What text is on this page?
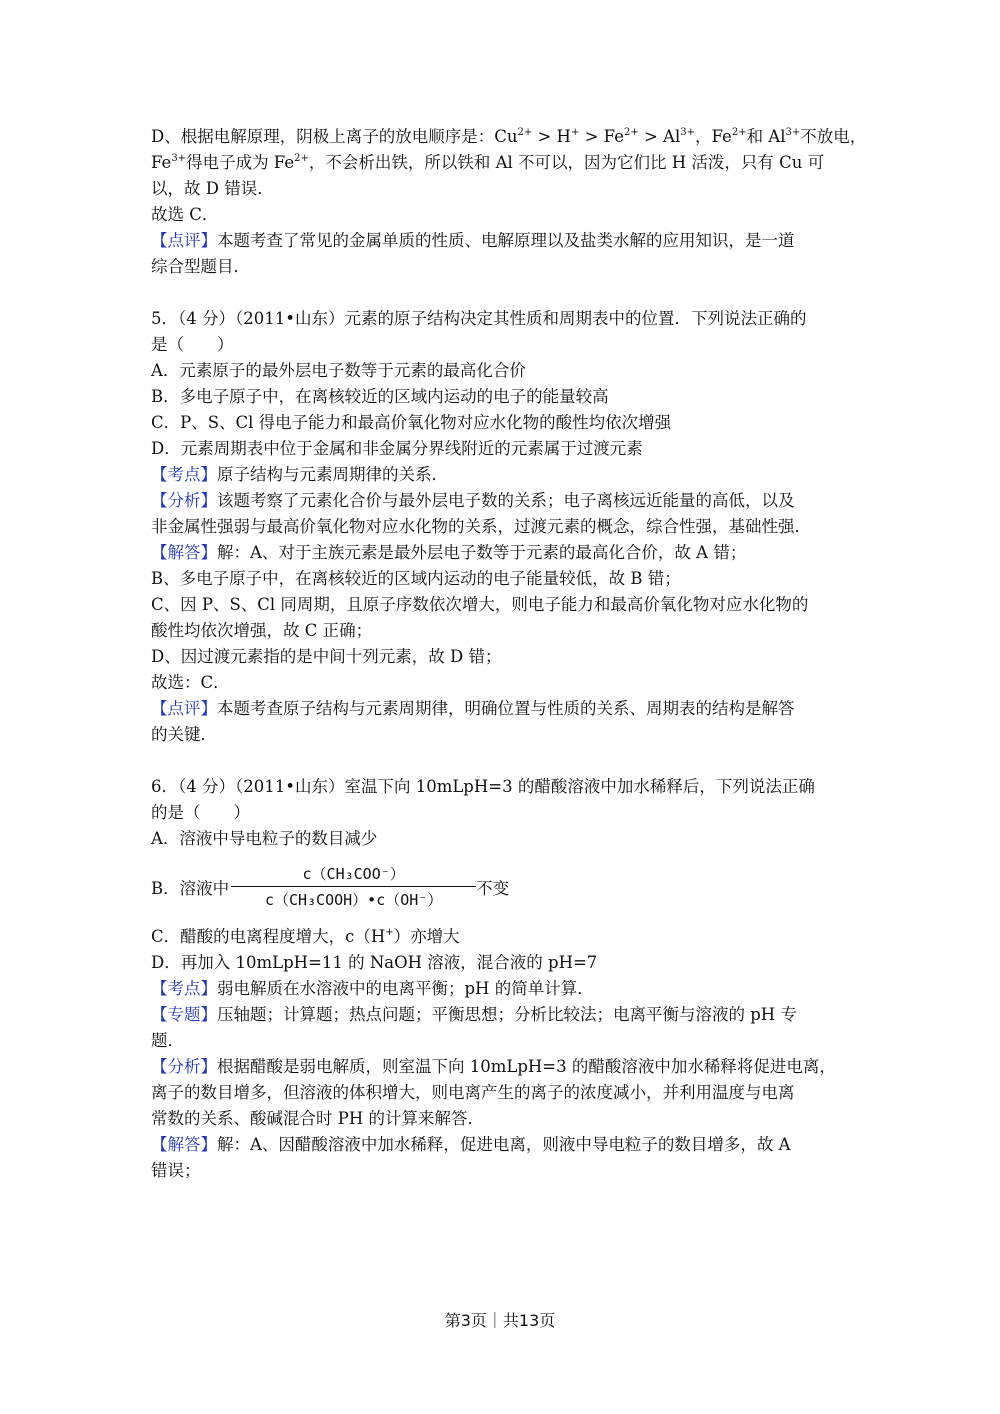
D、根据电解原理，阴极上离子的放电顺序是：$Cu^{2+} > H^+ > Fe^{2+} > Al^{3+}$，$Fe^{2+}$和 $Al^{3+}$不放电，
$Fe^{3+}$得电子成为 $Fe^{2+}$，不会析出铁，所以铁和 Al 不可以，因为它们比 H 活泼，只有 Cu 可
以，故 D 错误．
故选 C．
【点评】本题考查了常见的金属单质的性质、电解原理以及盐类水解的应用知识，是一道
综合型题目．
5．（4 分）（2011•山东）元素的原子结构决定其性质和周期表中的位置．下列说法正确的
是（　　）
A．元素原子的最外层电子数等于元素的最高化合价
B．多电子原子中，在离核较近的区域内运动的电子的能量较高
C．P、S、Cl 得电子能力和最高价氧化物对应水化物的酸性均依次增强
D．元素周期表中位于金属和非金属分界线附近的元素属于过渡元素
【考点】原子结构与元素周期律的关系．
【分析】该题考察了元素化合价与最外层电子数的关系；电子离核远近能量的高低，以及
非金属性强弱与最高价氧化物对应水化物的关系，过渡元素的概念，综合性强，基础性强．
【解答】解：A、对于主族元素是最外层电子数等于元素的最高化合价，故 A 错；
B、多电子原子中，在离核较近的区域内运动的电子能量较低，故 B 错；
C、因 P、S、Cl 同周期，且原子序数依次增大，则电子能力和最高价氧化物对应水化物的
酸性均依次增强，故 C 正确；
D、因过渡元素指的是中间十列元素，故 D 错；
故选：C．
【点评】本题考查原子结构与元素周期律，明确位置与性质的关系、周期表的结构是解答
的关键．
6．（4 分）（2011•山东）室温下向 10mLpH=3 的醋酸溶液中加水稀释后，下列说法正确
的是（　　）
A．溶液中导电粒子的数目减少
B．溶液中 $\frac{\text{c（CH₃COO⁻）}}{\text{c（CH₃COOH）•c（OH⁻）}}$ 不变
C．醋酸的电离程度增大，c（H+）亦增大
D．再加入 10mLpH=11 的 NaOH 溶液，混合液的 pH=7
【考点】弱电解质在水溶液中的电离平衡；pH 的简单计算．
【专题】压轴题；计算题；热点问题；平衡思想；分析比较法；电离平衡与溶液的 pH 专
题．
【分析】根据醋酸是弱电解质，则室温下向 10mLpH=3 的醋酸溶液中加水稀释将促进电离，
离子的数目增多，但溶液的体积增大，则电离产生的离子的浓度减小，并利用温度与电离
常数的关系、酸碱混合时 PH 的计算来解答．
【解答】解：A、因醋酸溶液中加水稀释，促进电离，则液中导电粒子的数目增多，故 A
错误；
第3页｜共13页
